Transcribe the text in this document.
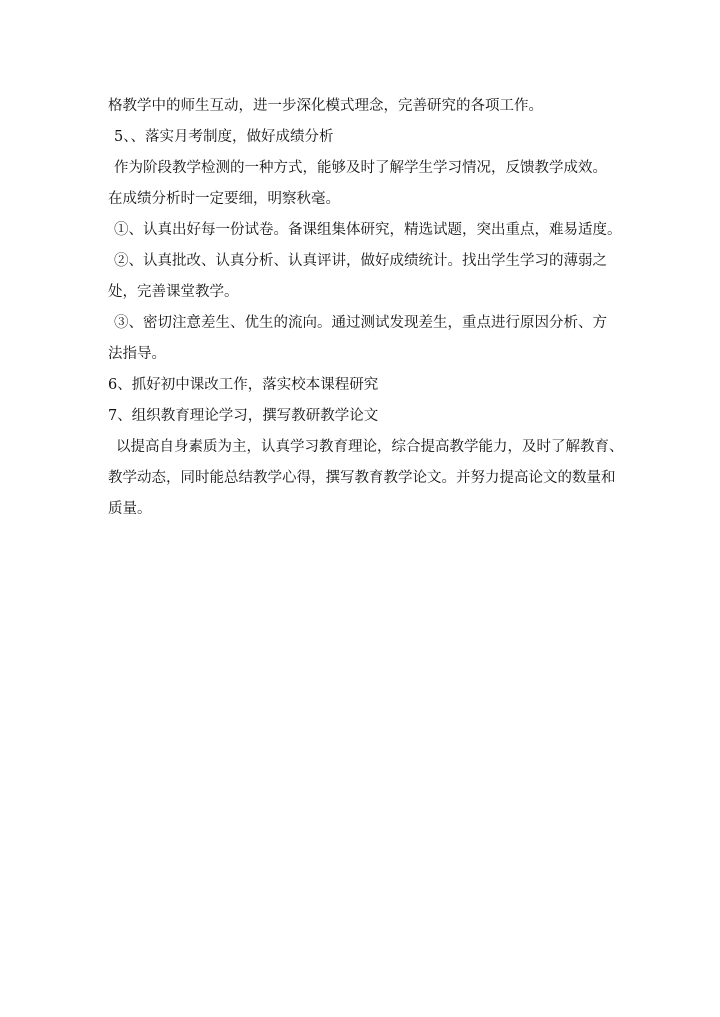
格教学中的师生互动，进一步深化模式理念，完善研究的各项工作。
5、、落实月考制度，做好成绩分析
作为阶段教学检测的一种方式，能够及时了解学生学习情况，反馈教学成效。
在成绩分析时一定要细，明察秋毫。
①、认真出好每一份试卷。备课组集体研究，精选试题，突出重点，难易适度。
②、认真批改、认真分析、认真评讲，做好成绩统计。找出学生学习的薄弱之
处，完善课堂教学。
③、密切注意差生、优生的流向。通过测试发现差生，重点进行原因分析、方
法指导。
6、抓好初中课改工作，落实校本课程研究
7、组织教育理论学习，撰写教研教学论文
以提高自身素质为主，认真学习教育理论，综合提高教学能力，及时了解教育、
教学动态，同时能总结教学心得，撰写教育教学论文。并努力提高论文的数量和
质量。
